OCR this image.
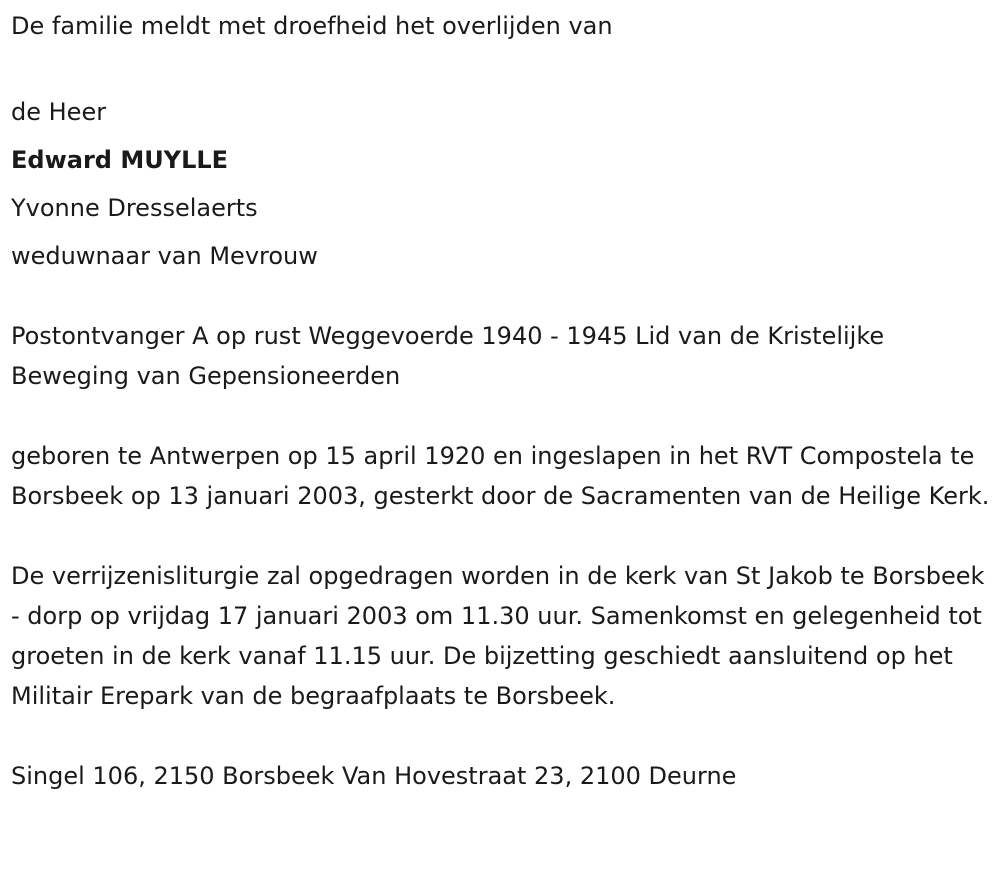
De familie meldt met droefheid het overlijden van

de Heer

Edward MUYLLE

Yvonne Dresselaerts

weduwnaar van Mevrouw

Postontvanger A op rust Weggevoerde 1940 - 1945 Lid van de Kristelijke Beweging van Gepensioneerden

geboren te Antwerpen op 15 april 1920 en ingeslapen in het RVT Compostela te Borsbeek op 13 januari 2003, gesterkt door de Sacramenten van de Heilige Kerk.

De verrijzenisliturgie zal opgedragen worden in de kerk van St Jakob te Borsbeek - dorp op vrijdag 17 januari 2003 om 11.30 uur. Samenkomst en gelegenheid tot groeten in de kerk vanaf 11.15 uur. De bijzetting geschiedt aansluitend op het Militair Erepark van de begraafplaats te Borsbeek.

Singel 106, 2150 Borsbeek Van Hovestraat 23, 2100 Deurne
